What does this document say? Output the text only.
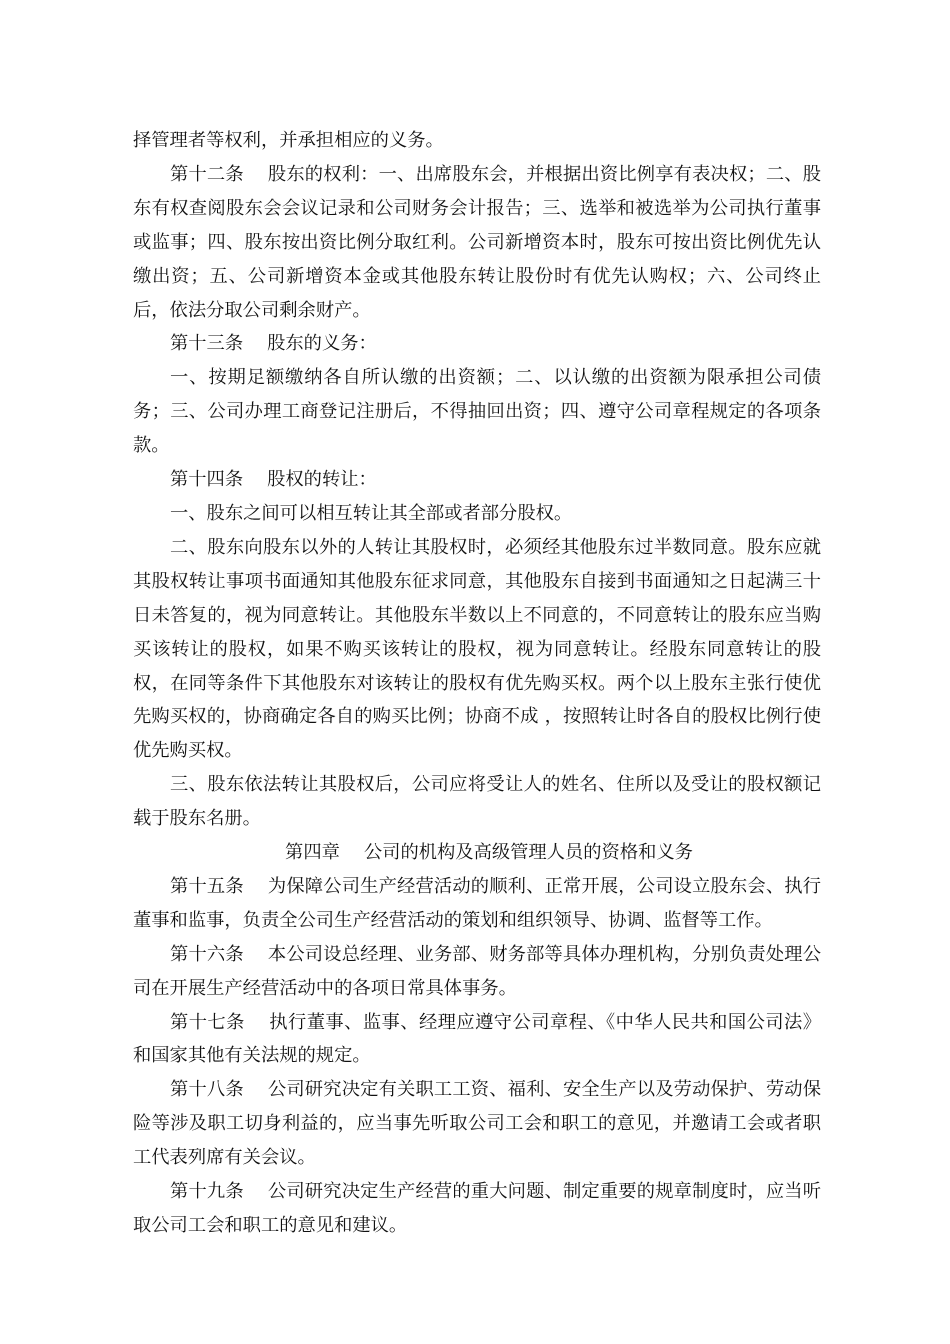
择管理者等权利，并承担相应的义务。

第十二条 股东的权利：一、出席股东会，并根据出资比例享有表决权；二、股东有权查阅股东会会议记录和公司财务会计报告；三、选举和被选举为公司执行董事或监事；四、股东按出资比例分取红利。公司新增资本时，股东可按出资比例优先认缴出资；五、公司新增资本金或其他股东转让股份时有优先认购权；六、公司终止后，依法分取公司剩余财产。

第十三条 股东的义务：

一、按期足额缴纳各自所认缴的出资额；二、以认缴的出资额为限承担公司债务；三、公司办理工商登记注册后，不得抽回出资；四、遵守公司章程规定的各项条款。

第十四条 股权的转让：

一、股东之间可以相互转让其全部或者部分股权。

二、股东向股东以外的人转让其股权时，必须经其他股东过半数同意。股东应就其股权转让事项书面通知其他股东征求同意，其他股东自接到书面通知之日起满三十日未答复的，视为同意转让。其他股东半数以上不同意的，不同意转让的股东应当购买该转让的股权，如果不购买该转让的股权，视为同意转让。经股东同意转让的股权，在同等条件下其他股东对该转让的股权有优先购买权。两个以上股东主张行使优先购买权的，协商确定各自的购买比例；协商不成 ，按照转让时各自的股权比例行使优先购买权。

三、股东依法转让其股权后，公司应将受让人的姓名、住所以及受让的股权额记载于股东名册。

第四章 公司的机构及高级管理人员的资格和义务

第十五条 为保障公司生产经营活动的顺利、正常开展，公司设立股东会、执行董事和监事，负责全公司生产经营活动的策划和组织领导、协调、监督等工作。

第十六条 本公司设总经理、业务部、财务部等具体办理机构，分别负责处理公司在开展生产经营活动中的各项日常具体事务。

第十七条 执行董事、监事、经理应遵守公司章程、《中华人民共和国公司法》和国家其他有关法规的规定。

第十八条 公司研究决定有关职工工资、福利、安全生产以及劳动保护、劳动保险等涉及职工切身利益的，应当事先听取公司工会和职工的意见，并邀请工会或者职工代表列席有关会议。

第十九条 公司研究决定生产经营的重大问题、制定重要的规章制度时，应当听取公司工会和职工的意见和建议。
